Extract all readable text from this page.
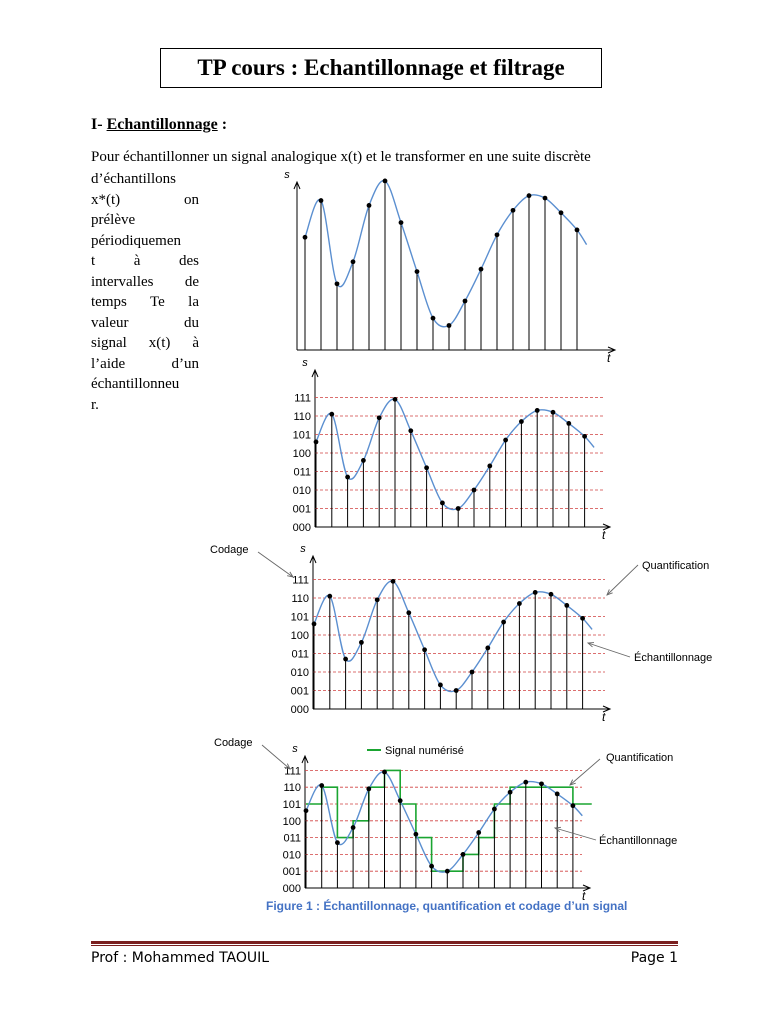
TP cours : Echantillonnage et filtrage
I- Echantillonnage :
Pour échantillonner un signal analogique x(t) et le transformer en une suite discrète
d’échantillons
x*(t) on
prélève
périodiquemen
t à des
intervalles de
temps Te la
valeur du
signal x(t) à
l’aide d’un
échantillonneu
r.
s
t
s
t
000
001
010
011
100
101
110
111
s
t
000
001
010
011
100
101
110
111
s
t
000
001
010
011
100
101
110
111
Codage
Quantification
Échantillonnage
Codage
Quantification
Échantillonnage
Signal numérisé
Figure 1 : Échantillonnage, quantification et codage d’un signal
Prof : Mohammed TAOUIL	Page 1
